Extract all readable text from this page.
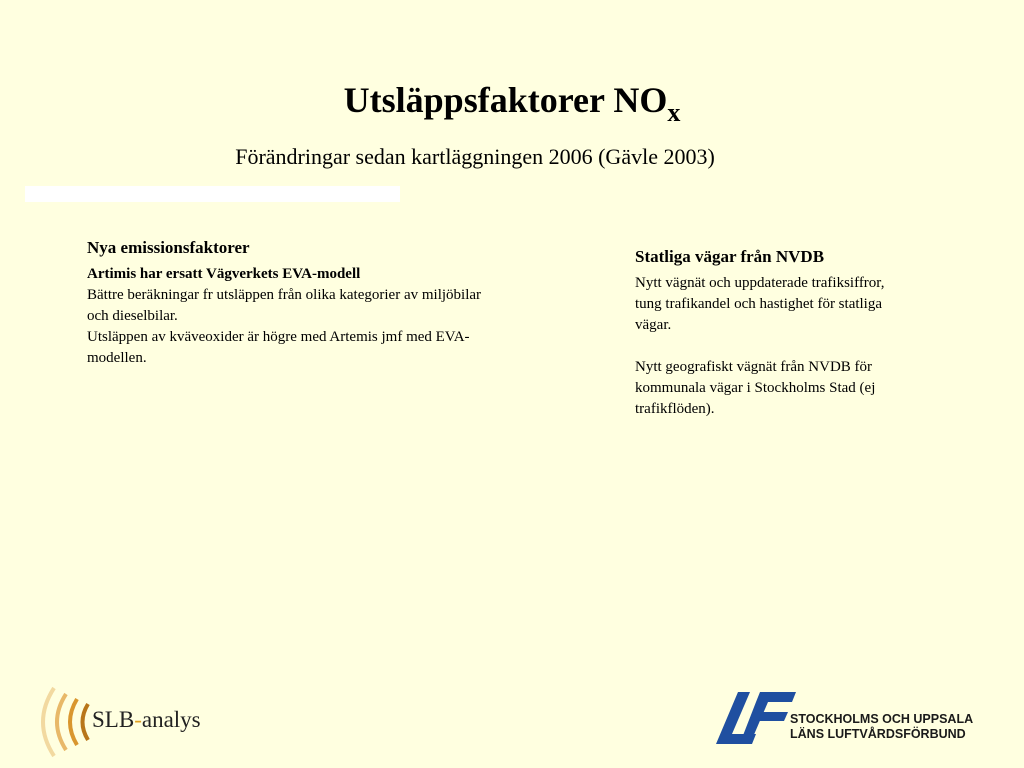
Utsläppsfaktorer $NO_x$
Förändringar sedan kartläggningen 2006 (Gävle 2003)
Nya emissionsfaktorer
Artimis har ersatt Vägverkets EVA-modell
Bättre beräkningar fr utsläppen från olika kategorier av miljöbilar och dieselbilar.
Utsläppen av kväveoxider är högre med Artemis jmf med EVA-modellen.
Statliga vägar från NVDB

Nytt vägnät och uppdaterade trafiksiffror, tung trafikandel och hastighet för statliga vägar.

Nytt geografiskt vägnät från NVDB för kommunala vägar i Stockholms Stad (ej trafikflöden).

SLB-analys	STOCKHOLMS OCH UPPSALA
LÄNS LUFTVÅRDSFÖRBUND
